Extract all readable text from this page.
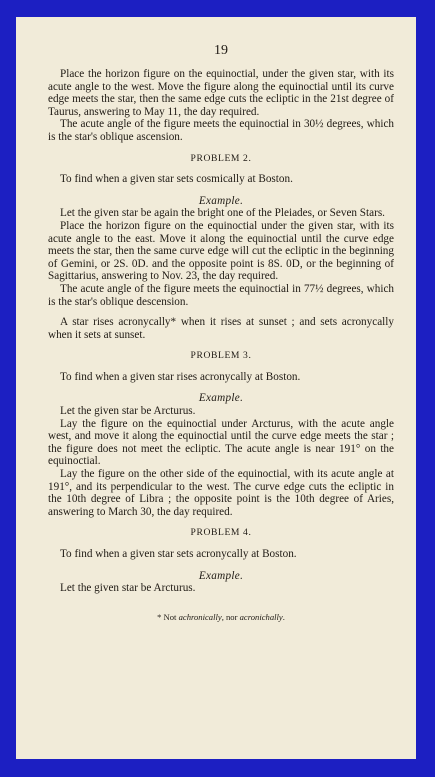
19

Place the horizon figure on the equinoctial, under the given star, with its acute angle to the west. Move the figure along the equinoctial until its curve edge meets the star, then the same edge cuts the ecliptic in the 21st degree of Taurus, answering to May 11, the day required.

The acute angle of the figure meets the equinoctial in 30½ degrees, which is the star's oblique ascension.

PROBLEM 2.

To find when a given star sets cosmically at Boston.

Example.

Let the given star be again the bright one of the Pleiades, or Seven Stars.

Place the horizon figure on the equinoctial under the given star, with its acute angle to the east. Move it along the equinoctial until the curve edge meets the star, then the same curve edge will cut the ecliptic in the beginning of Gemini, or 2S. 0D. and the opposite point is 8S. 0D, or the beginning of Sagittarius, answering to Nov. 23, the day required.

The acute angle of the figure meets the equinoctial in 77½ degrees, which is the star's oblique descension.

A star rises acronycally* when it rises at sunset ; and sets acronycally when it sets at sunset.

PROBLEM 3.

To find when a given star rises acronycally at Boston.

Example.

Let the given star be Arcturus.

Lay the figure on the equinoctial under Arcturus, with the acute angle west, and move it along the equinoctial until the curve edge meets the star ; the figure does not meet the ecliptic. The acute angle is near 191° on the equinoctial.

Lay the figure on the other side of the equinoctial, with its acute angle at 191°, and its perpendicular to the west. The curve edge cuts the ecliptic in the 10th degree of Libra ; the opposite point is the 10th degree of Aries, answering to March 30, the day required.

PROBLEM 4.

To find when a given star sets acronycally at Boston.

Example.

Let the given star be Arcturus.

* Not achronically, nor acronichally.
